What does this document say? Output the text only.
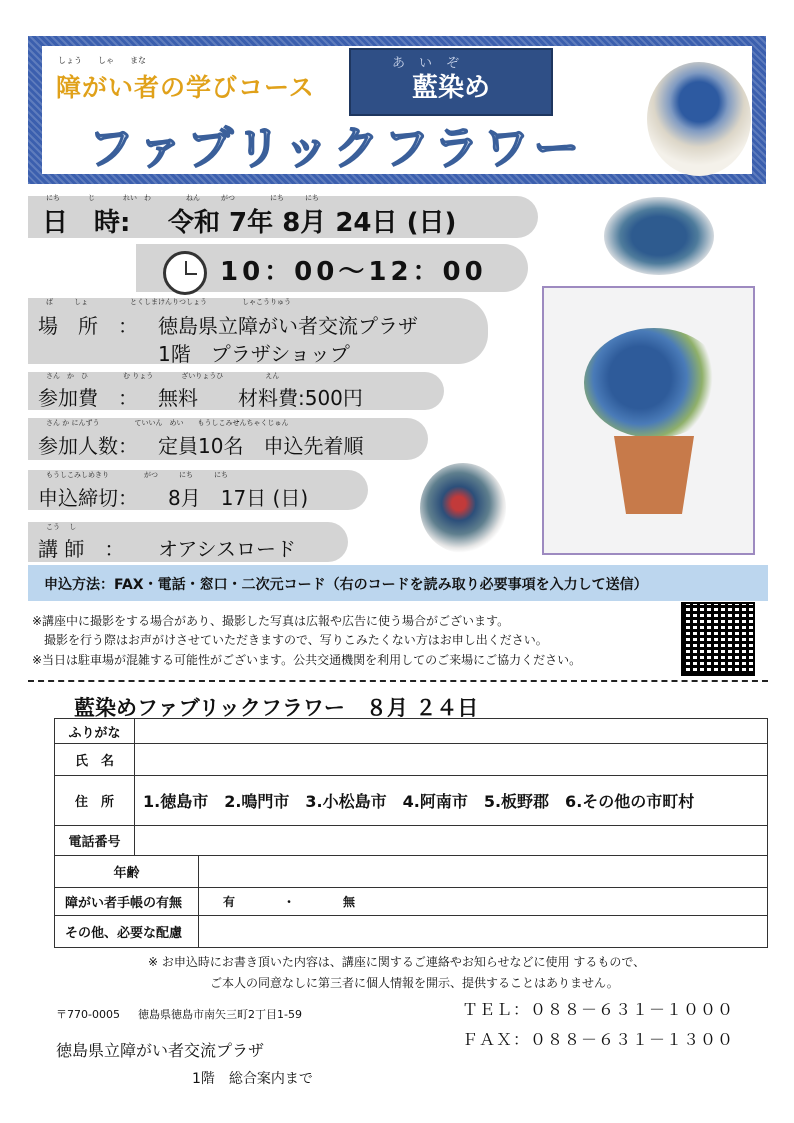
しょう　　しゃ　　まな
障がい者の学びコース	藍染め
あいぞ
ファブリックフラワー
にち　　　　じ　　　　れい　わ　　　　　ねん　　　がつ　　　　　にち　　　にち
日　時: 令和 7年 8月 24日 (日)
10：00〜12：00
ば　　　しょ　　　　　　とくしまけんりつしょう　　　　　しゃこうりゅう
場　所　： 徳島県立障がい者交流プラザ
1階　プラザショップ
さん　か　ひ　　　　　む りょう　　　　ざいりょうひ　　　　　　えん
参加費　： 無料　　材料費:500円
さん か にんずう　　　　　ていいん　めい　　もうしこみせんちゃくじゅん
参加人数： 定員10名　申込先着順
もうしこみしめきり　　　　　がつ　　　にち　　　にち
申込締切： 8月　17日 (日)
こう　 し
講 師　： オアシスロード
申込方法：FAX・電話・窓口・二次元コード（右のコードを読み取り必要事項を入力して送信）
※講座中に撮影をする場合があり、撮影した写真は広報や広告に使う場合がございます。
　撮影を行う際はお声がけさせていただきますので、写りこみたくない方はお申し出ください。
※当日は駐車場が混雑する可能性がございます。公共交通機関を利用してのご来場にご協力ください。
藍染めファブリックフラワー　８月 ２４日
ふりがな		
氏　名		
住　所	1.徳島市　2.鳴門市　3.小松島市　4.阿南市　5.板野郡　6.その他の市町村	
電話番号		
年齢		
障がい者手帳の有無		有　　　　・　　　　無
その他、必要な配慮		
※ お申込時にお書き頂いた内容は、講座に関するご連絡やお知らせなどに使用 するもので、
ご本人の同意なしに第三者に個人情報を開示、提供することはありません。
〒770-0005 徳島県徳島市南矢三町2丁目1-59
徳島県立障がい者交流プラザ
1階　総合案内まで
ＴＥＬ：０８８－６３１－１０００
ＦＡＸ：０８８－６３１－１３００
